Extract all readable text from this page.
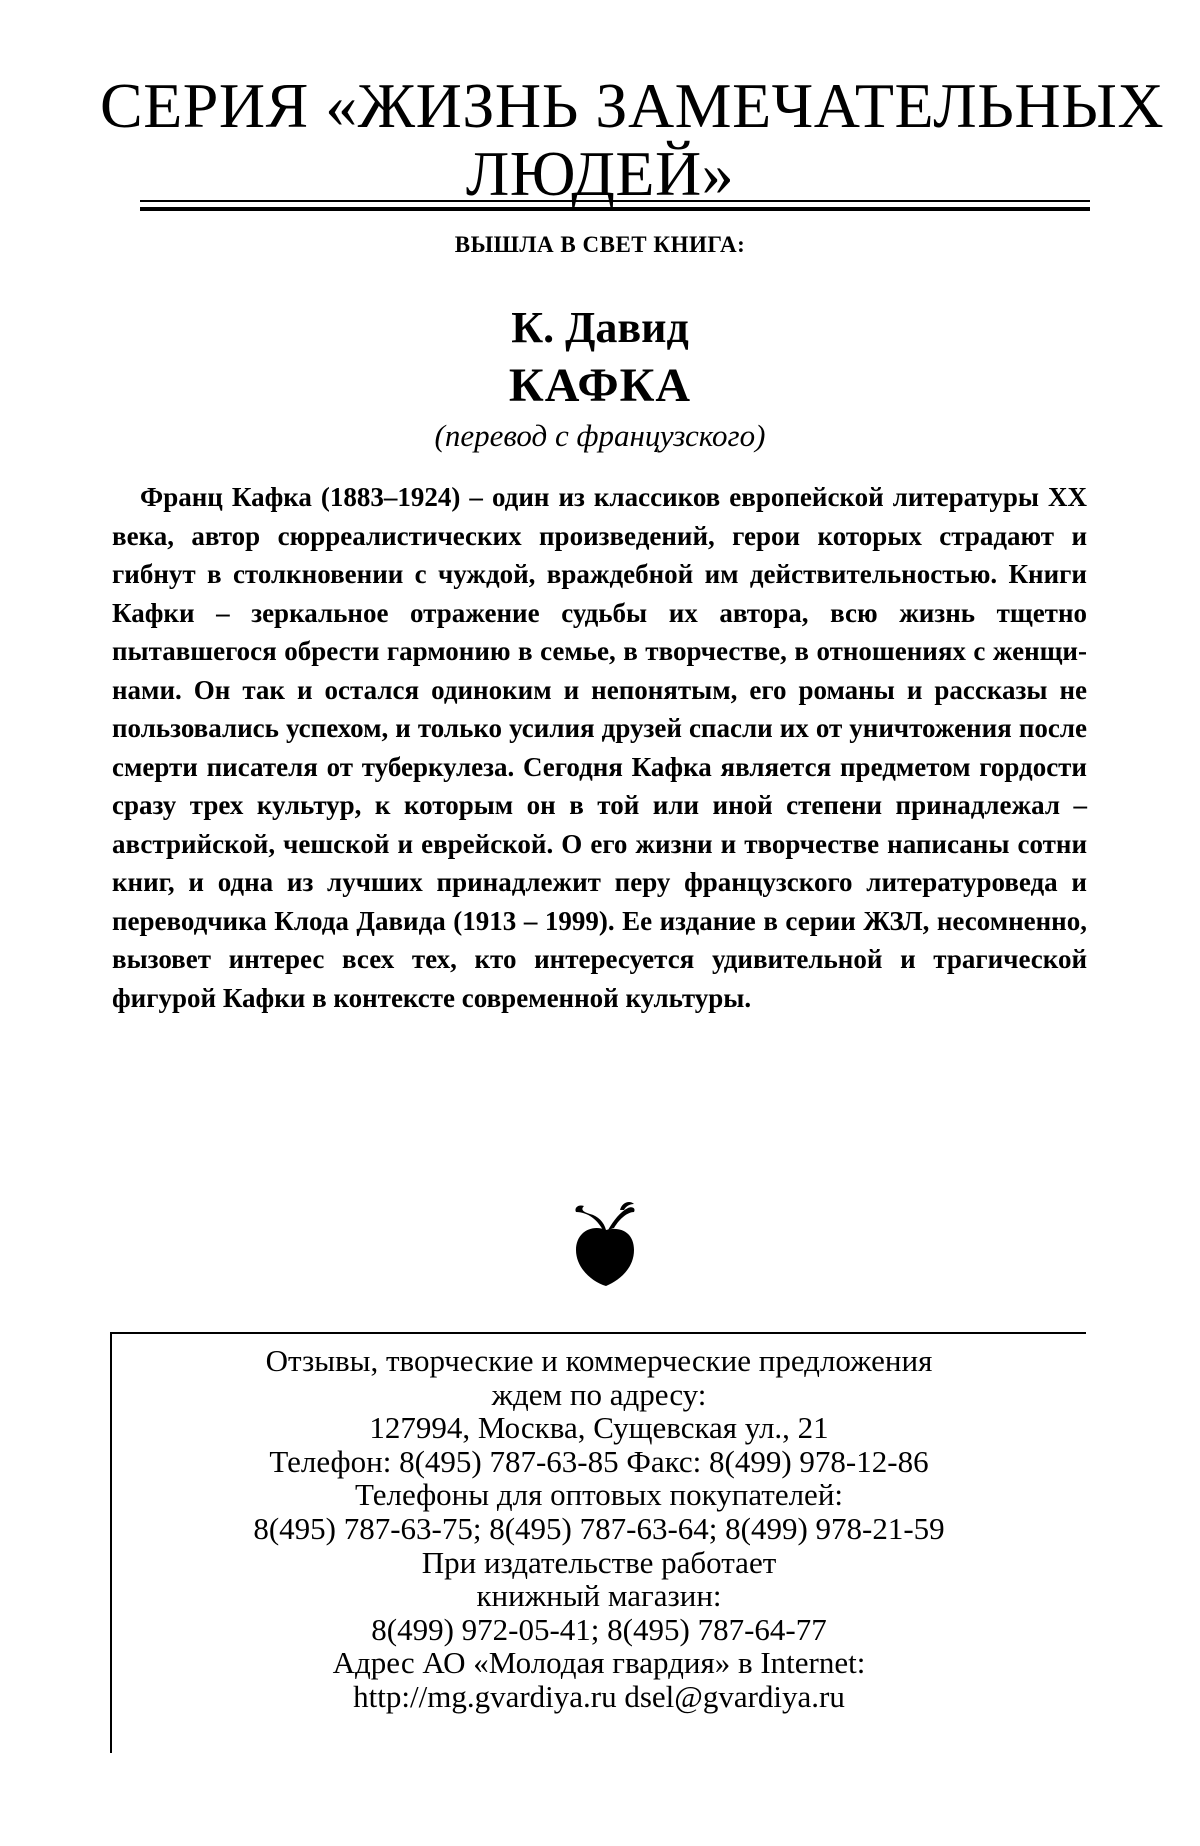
СЕРИЯ «ЖИЗНЬ ЗАМЕЧАТЕЛЬНЫХ
ЛЮДЕЙ»
ВЫШЛА В СВЕТ КНИГА:
К. Давид
КАФКА
(перевод с французского)

Франц Кафка (1883–1924) – один из классиков европейской литературы XX века, автор сюрреалистических произведений, герои которых страдают и гибнут в столкновении с чуждой, враждебной им действительностью. Книги Кафки – зеркальное отражение судьбы их автора, всю жизнь тщетно пытавшегося обрести гармонию в семье, в творчестве, в отношениях с женщинами. Он так и остался одиноким и непонятым, его романы и рассказы не пользовались успехом, и только усилия друзей спасли их от уничтожения после смерти писателя от туберкулеза. Сегодня Кафка является предметом гордости сразу трех культур, к которым он в той или иной степени принадлежал – австрийской, чешской и еврейской. О его жизни и творчестве написаны сотни книг, и одна из лучших принадлежит перу французского литературоведа и переводчика Клода Давида (1913 – 1999). Ее издание в серии ЖЗЛ, несомненно, вызовет интерес всех тех, кто интересуется удивительной и трагической фигурой Кафки в контексте современной культуры.

Отзывы, творческие и коммерческие предложения
ждем по адресу:
127994, Москва, Сущевская ул., 21
Телефон: 8(495) 787-63-85 Факс: 8(499) 978-12-86
Телефоны для оптовых покупателей:
8(495) 787-63-75; 8(495) 787-63-64; 8(499) 978-21-59
При издательстве работает
книжный магазин:
8(499) 972-05-41; 8(495) 787-64-77
Адрес АО «Молодая гвардия» в Internet:
http://mg.gvardiya.ru dsel@gvardiya.ru
